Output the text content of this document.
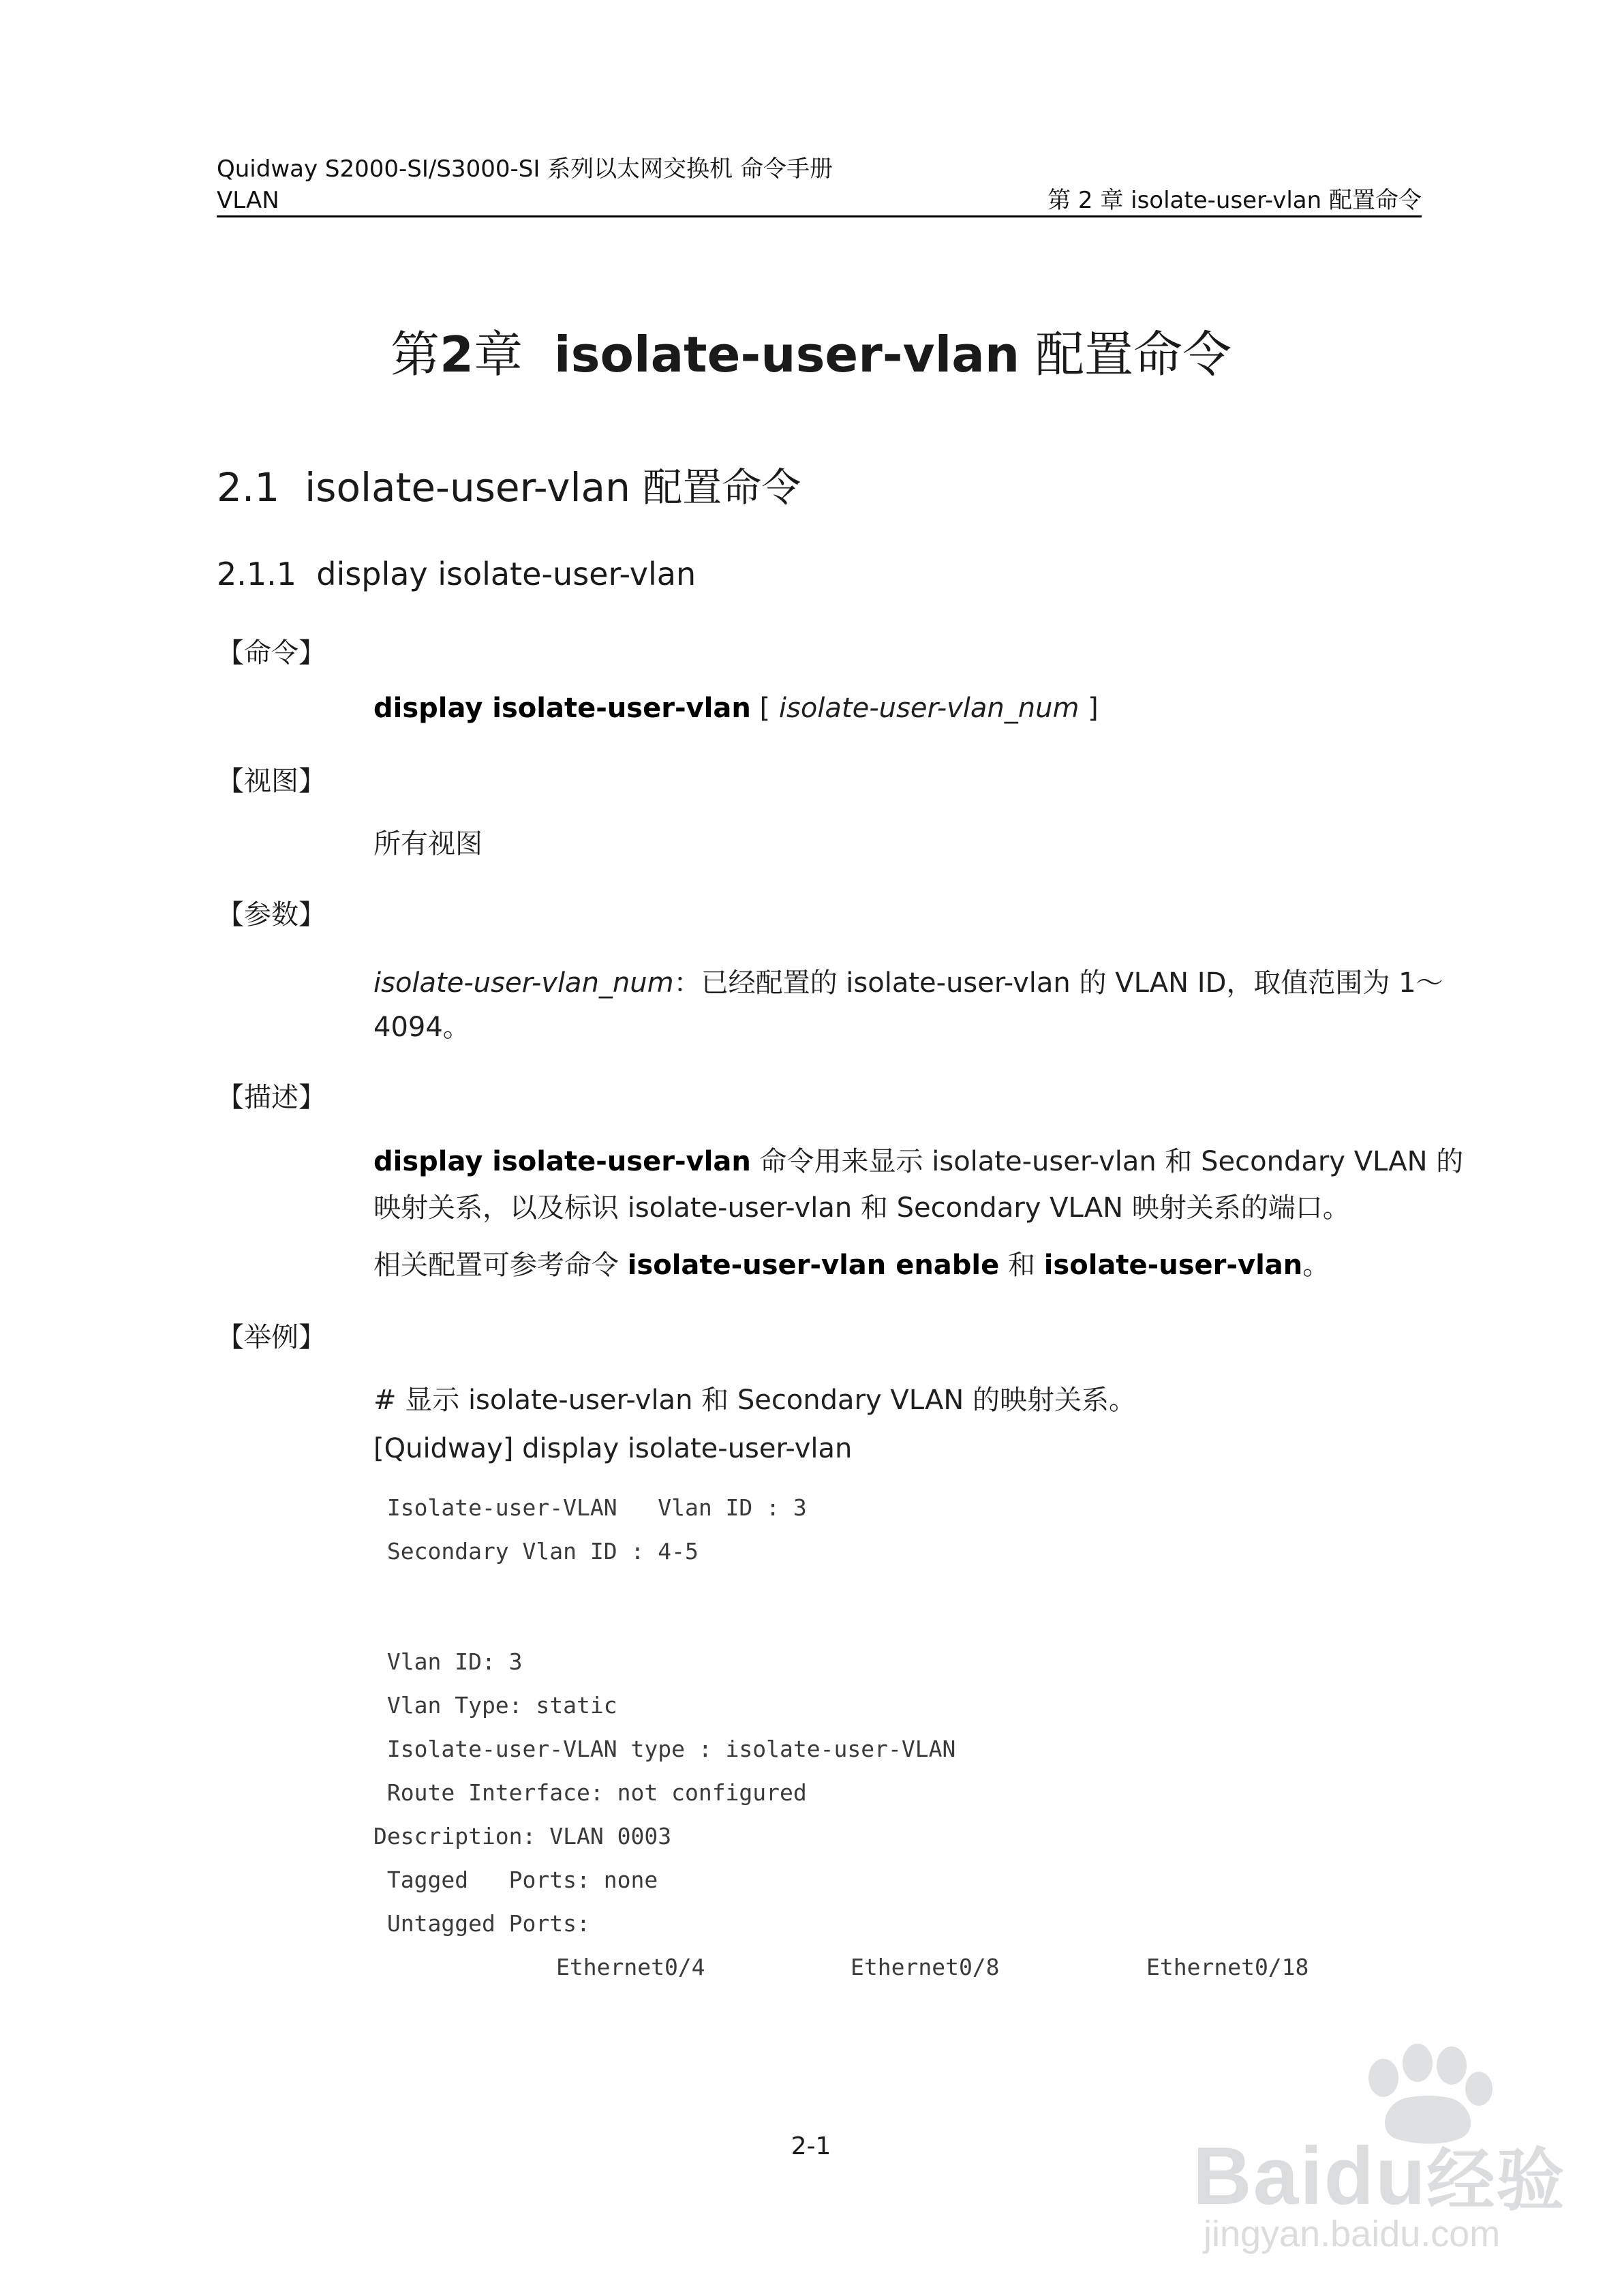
Quidway S2000-SI/S3000-SI 系列以太网交换机 命令手册
VLAN	第 2 章 isolate-user-vlan 配置命令
第2章 isolate-user-vlan 配置命令
2.1 isolate-user-vlan 配置命令
2.1.1 display isolate-user-vlan
【命令】
display isolate-user-vlan [ isolate-user-vlan_num ]
【视图】
所有视图
【参数】
isolate-user-vlan_num：已经配置的 isolate-user-vlan 的 VLAN ID，取值范围为 1～
4094。
【描述】
display isolate-user-vlan 命令用来显示 isolate-user-vlan 和 Secondary VLAN 的
映射关系，以及标识 isolate-user-vlan 和 Secondary VLAN 映射关系的端口。
相关配置可参考命令 isolate-user-vlan enable 和 isolate-user-vlan。
【举例】
# 显示 isolate-user-vlan 和 Secondary VLAN 的映射关系。
[Quidway] display isolate-user-vlan
Isolate-user-VLAN   Vlan ID : 3
Secondary Vlan ID : 4-5
Vlan ID: 3
Vlan Type: static
Isolate-user-VLAN type : isolate-user-VLAN
Route Interface: not configured
Description: VLAN 0003
Tagged   Ports: none
Untagged Ports:
Ethernet0/4	Ethernet0/8	Ethernet0/18
2-1	Baidu经验
jingyan.baidu.com
